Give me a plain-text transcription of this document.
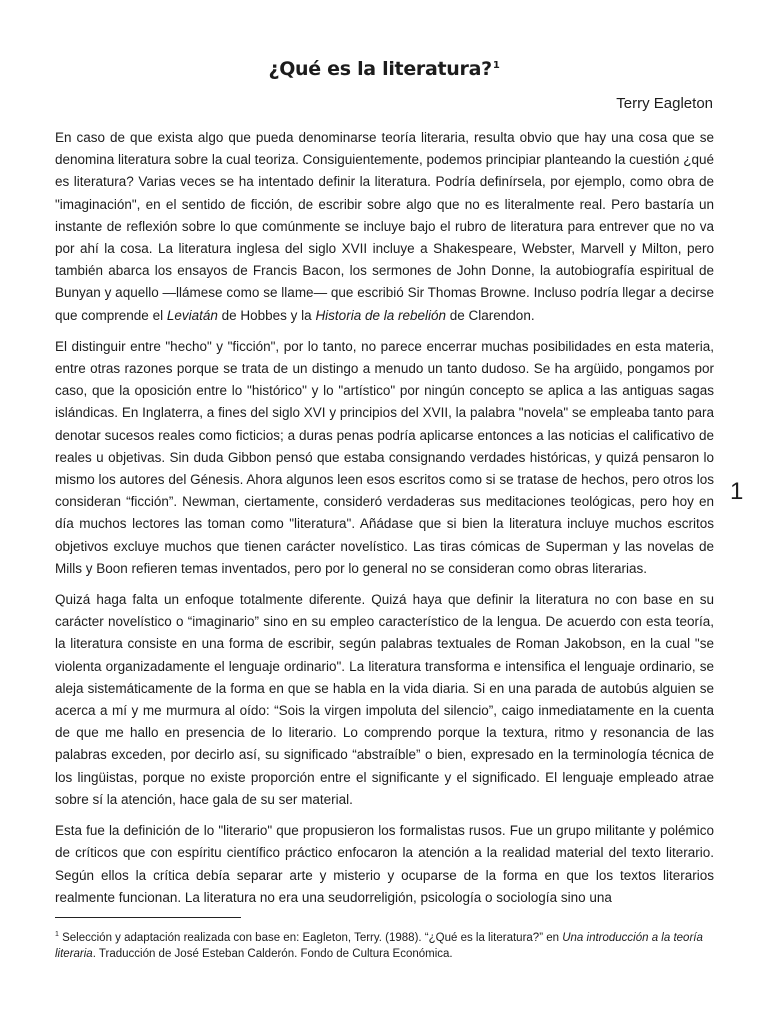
¿Qué es la literatura?$^1$
Terry Eagleton

En caso de que exista algo que pueda denominarse teoría literaria, resulta obvio que hay una cosa que se denomina literatura sobre la cual teoriza. Consiguientemente, podemos principiar planteando la cuestión ¿qué es literatura? Varias veces se ha intentado definir la literatura. Podría definírsela, por ejemplo, como obra de "imaginación", en el sentido de ficción, de escribir sobre algo que no es literalmente real. Pero bastaría un instante de reflexión sobre lo que comúnmente se incluye bajo el rubro de literatura para entrever que no va por ahí la cosa. La literatura inglesa del siglo XVII incluye a Shakespeare, Webster, Marvell y Milton, pero también abarca los ensayos de Francis Bacon, los sermones de John Donne, la autobiografía espiritual de Bunyan y aquello —llámese como se llame— que escribió Sir Thomas Browne. Incluso podría llegar a decirse que comprende el Leviatán de Hobbes y la Historia de la rebelión de Clarendon.

El distinguir entre "hecho" y "ficción", por lo tanto, no parece encerrar muchas posibilidades en esta materia, entre otras razones porque se trata de un distingo a menudo un tanto dudoso. Se ha argüido, pongamos por caso, que la oposición entre lo "histórico" y lo "artístico" por ningún concepto se aplica a las antiguas sagas islándicas. En Inglaterra, a fines del siglo XVI y principios del XVII, la palabra "novela" se empleaba tanto para denotar sucesos reales como ficticios; a duras penas podría aplicarse entonces a las noticias el calificativo de reales u objetivas. Sin duda Gibbon pensó que estaba consignando verdades históricas, y quizá pensaron lo mismo los autores del Génesis. Ahora algunos leen esos escritos como si se tratase de hechos, pero otros los consideran “ficción”. Newman, ciertamente, consideró verdaderas sus meditaciones teológicas, pero hoy en día muchos lectores las toman como "literatura". Añádase que si bien la literatura incluye muchos escritos objetivos excluye muchos que tienen carácter novelístico. Las tiras cómicas de Superman y las novelas de Mills y Boon refieren temas inventados, pero por lo general no se consideran como obras literarias.

Quizá haga falta un enfoque totalmente diferente. Quizá haya que definir la literatura no con base en su carácter novelístico o “imaginario” sino en su empleo característico de la lengua. De acuerdo con esta teoría, la literatura consiste en una forma de escribir, según palabras textuales de Roman Jakobson, en la cual "se violenta organizadamente el lenguaje ordinario". La literatura transforma e intensifica el lenguaje ordinario, se aleja sistemáticamente de la forma en que se habla en la vida diaria. Si en una parada de autobús alguien se acerca a mí y me murmura al oído: “Sois la virgen impoluta del silencio”, caigo inmediatamente en la cuenta de que me hallo en presencia de lo literario. Lo comprendo porque la textura, ritmo y resonancia de las palabras exceden, por decirlo así, su significado “abstraíble” o bien, expresado en la terminología técnica de los lingüistas, porque no existe proporción entre el significante y el significado. El lenguaje empleado atrae sobre sí la atención, hace gala de su ser material.

Esta fue la definición de lo "literario" que propusieron los formalistas rusos. Fue un grupo militante y polémico de críticos que con espíritu científico práctico enfocaron la atención a la realidad material del texto literario. Según ellos la crítica debía separar arte y misterio y ocuparse de la forma en que los textos literarios realmente funcionan. La literatura no era una seudorreligión, psicología o sociología sino una

1
$^1$ Selección y adaptación realizada con base en: Eagleton, Terry. (1988). “¿Qué es la literatura?” en Una introducción a la teoría literaria. Traducción de José Esteban Calderón. Fondo de Cultura Económica.
